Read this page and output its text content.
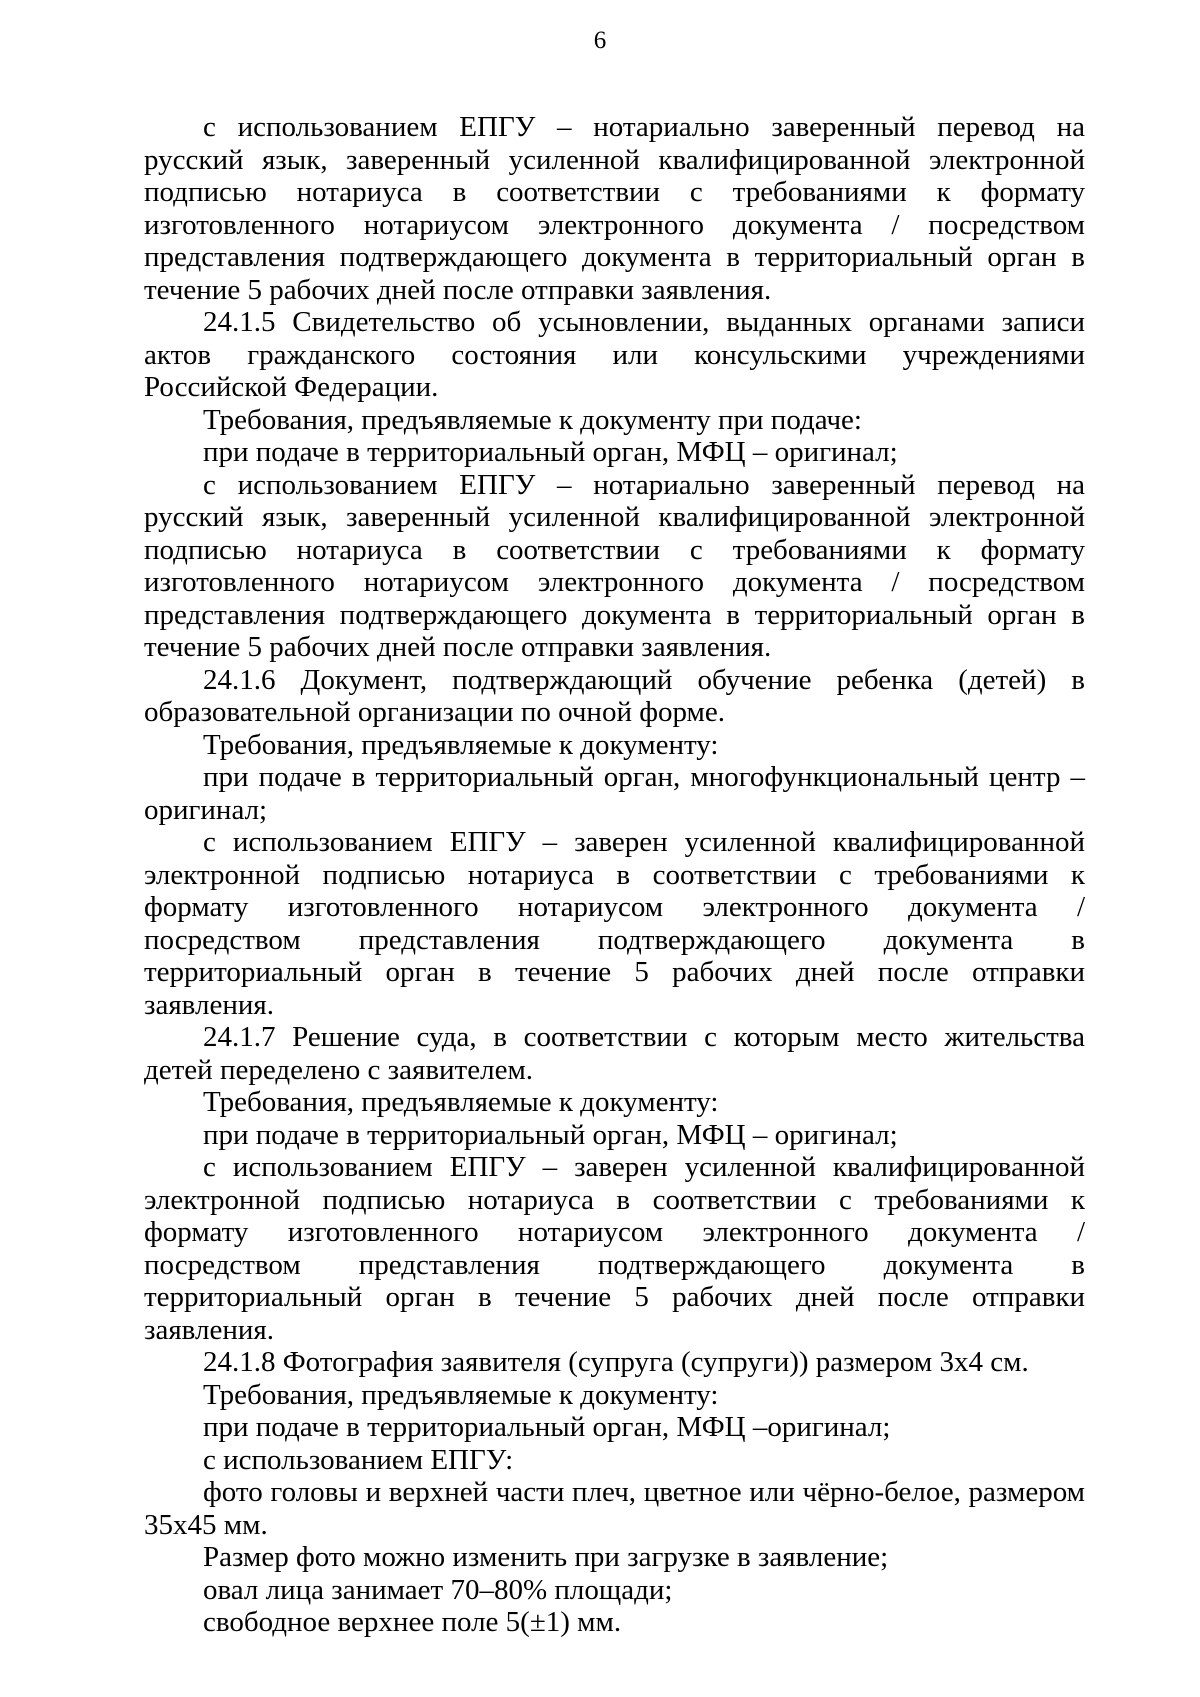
6

с использованием ЕПГУ – нотариально заверенный перевод на русский язык, заверенный усиленной квалифицированной электронной подписью нотариуса в соответствии с требованиями к формату изготовленного нотариусом электронного документа / посредством представления подтверждающего документа в территориальный орган в течение 5 рабочих дней после отправки заявления.

24.1.5 Свидетельство об усыновлении, выданных органами записи актов гражданского состояния или консульскими учреждениями Российской Федерации.

Требования, предъявляемые к документу при подаче:

при подаче в территориальный орган, МФЦ – оригинал;

с использованием ЕПГУ – нотариально заверенный перевод на русский язык, заверенный усиленной квалифицированной электронной подписью нотариуса в соответствии с требованиями к формату изготовленного нотариусом электронного документа / посредством представления подтверждающего документа в территориальный орган в течение 5 рабочих дней после отправки заявления.

24.1.6 Документ, подтверждающий обучение ребенка (детей) в образовательной организации по очной форме.

Требования, предъявляемые к документу:

при подаче в территориальный орган, многофункциональный центр – оригинал;

с использованием ЕПГУ – заверен усиленной квалифицированной электронной подписью нотариуса в соответствии с требованиями к формату изготовленного нотариусом электронного документа / посредством представления подтверждающего документа в территориальный орган в течение 5 рабочих дней после отправки заявления.

24.1.7 Решение суда, в соответствии с которым место жительства детей переделено с заявителем.

Требования, предъявляемые к документу:

при подаче в территориальный орган, МФЦ – оригинал;

с использованием ЕПГУ – заверен усиленной квалифицированной электронной подписью нотариуса в соответствии с требованиями к формату изготовленного нотариусом электронного документа / посредством представления подтверждающего документа в территориальный орган в течение 5 рабочих дней после отправки заявления.

24.1.8 Фотография заявителя (супруга (супруги)) размером 3х4 см.

Требования, предъявляемые к документу:

при подаче в территориальный орган, МФЦ –оригинал;

с использованием ЕПГУ:

фото головы и верхней части плеч, цветное или чёрно-белое, размером 35х45 мм.

Размер фото можно изменить при загрузке в заявление;

овал лица занимает 70–80% площади;

свободное верхнее поле 5(±1) мм.
